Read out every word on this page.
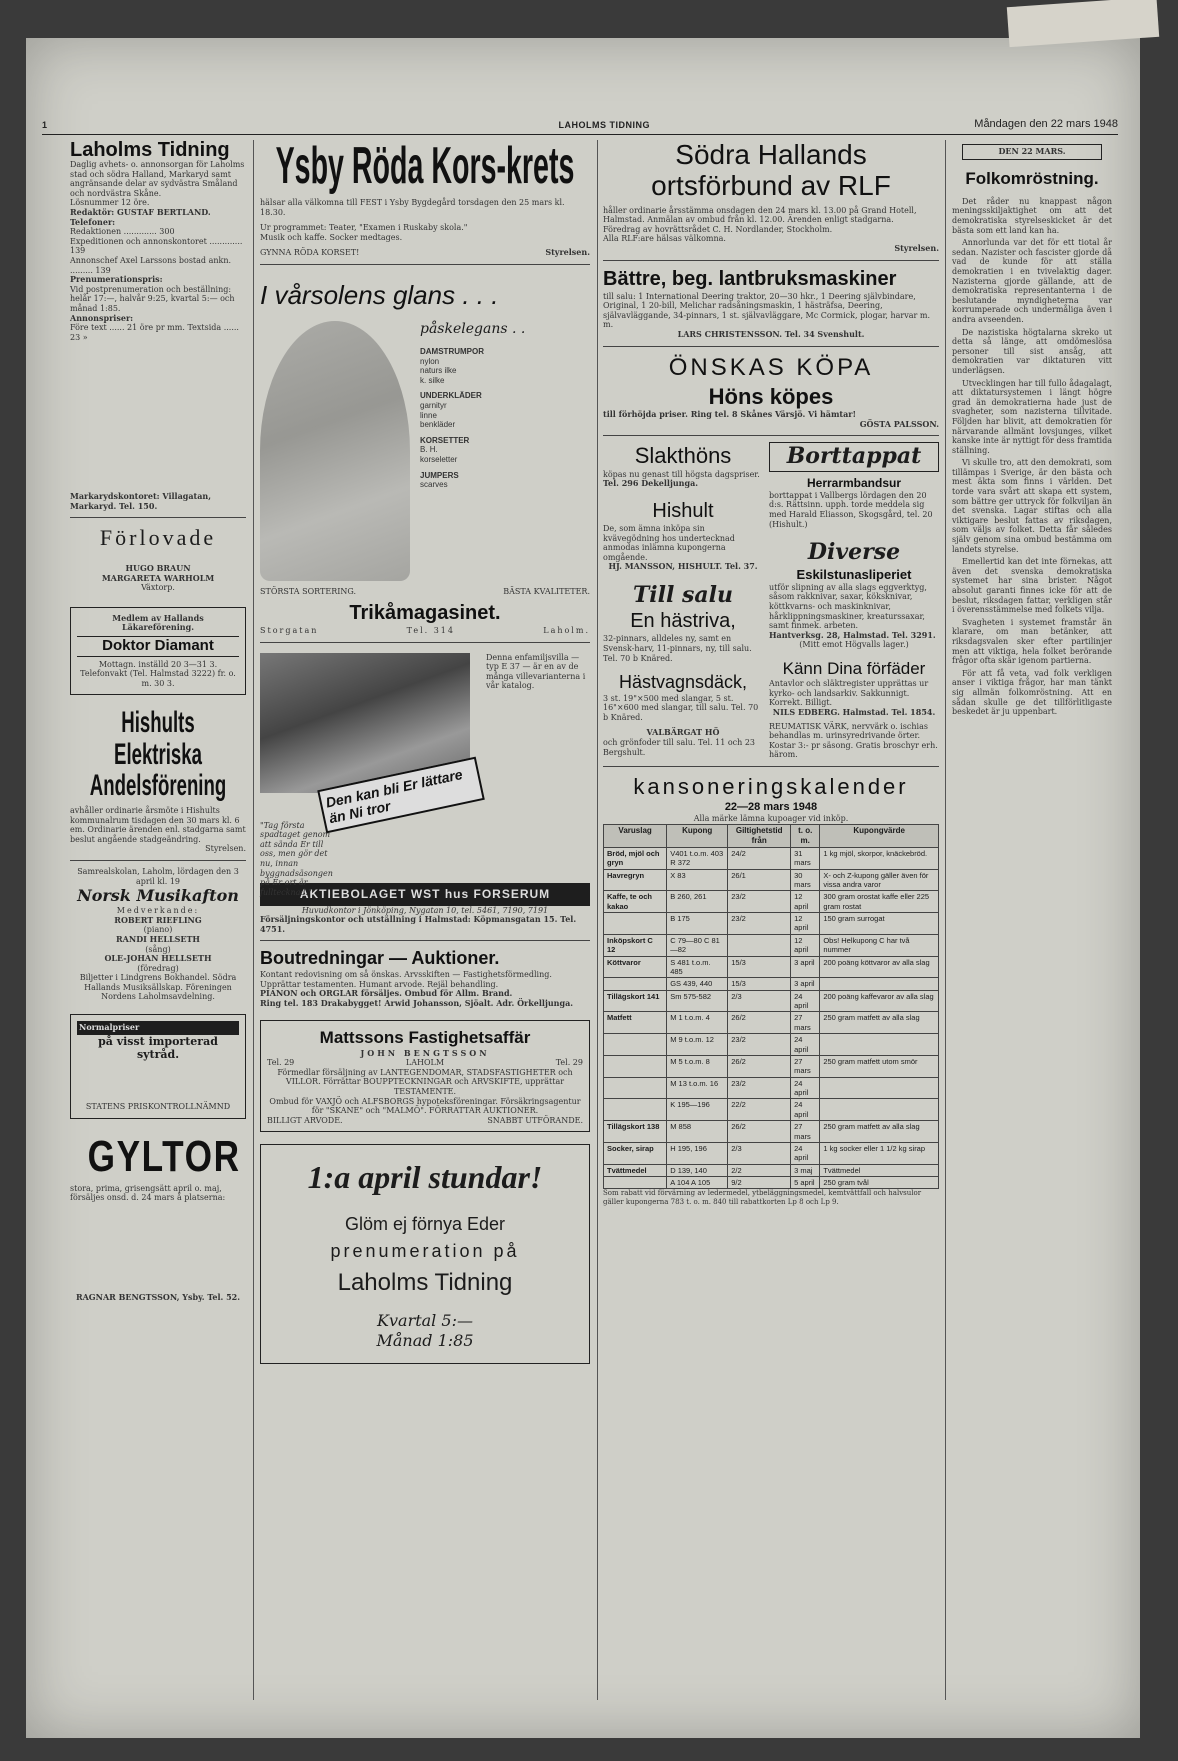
1	LAHOLMS TIDNING	Måndagen den 22 mars 1948
Laholms Tidning
Daglig avhets- o. annonsorgan för Laholms stad och södra Halland, Markaryd samt angränsande delar av sydvästra Småland och nordvästra Skåne.
Lösnummer 12 öre.
Redaktör: GUSTAF BERTLAND.
Telefoner:
Redaktionen ............. 300
Expeditionen och annonskontoret ............. 139
Annonschef Axel Larssons bostad ankn. ......... 139
Prenumerationspris:
Vid postprenumeration och beställning: helår 17:—, halvår 9:25, kvartal 5:— och månad 1:85.
Annonspriser:
Före text ...... 21 öre pr mm. Textsida ...... 23 »
Markarydskontoret: Villagatan, Markaryd. Tel. 150.
Förlovade
HUGO BRAUN
MARGARETA WARHOLM
Växtorp.
Medlem av Hallands Läkareförening.
Doktor Diamant
Mottagn. inställd 20 3—31 3. Telefonvakt (Tel. Halmstad 3222) fr. o. m. 30 3.
Hishults Elektriska Andelsförening
avhåller ordinarie årsmöte i Hishults kommunalrum tisdagen den 30 mars kl. 6 em. Ordinarie ärenden enl. stadgarna samt beslut angående stadgeändring.
Styrelsen.
Samrealskolan, Laholm, lördagen den 3 april kl. 19
Norsk Musikafton
Medverkande:
ROBERT RIEFLING
(piano)
RANDI HELLSETH
(sång)
OLE-JOHAN HELLSETH
(föredrag)
Biljetter i Lindgrens Bokhandel. Södra Hallands Musiksällskap. Föreningen Nordens Laholmsavdelning.
Normalpriser
på visst importerad sytråd.
STATENS PRISKONTROLLNÄMND
GYLTOR
stora, prima, grisengsätt april o. maj, försäljes onsd. d. 24 mars å platserna:
RAGNAR BENGTSSON, Ysby. Tel. 52.
Ysby Röda Kors-krets
hälsar alla välkomna till FEST i Ysby Bygdegård torsdagen den 25 mars kl. 18.30.
Ur programmet: Teater, "Examen i Ruskaby skola."
Musik och kaffe. Socker medtages.
GYNNA RÖDA KORSET!	Styrelsen.
I vårsolens glans . . .
påskelegans . .
DAMSTRUMPOR
nylon
naturs ilke
k. silke
UNDERKLÄDER
garnityr
linne
benkläder
KORSETTER
B. H.
korseletter
JUMPERS
scarves
STÖRSTA SORTERING.	BÄSTA KVALITETER.
Trikåmagasinet.
Storgatan	Tel. 314	Laholm.
Den kan bli Er lättare än Ni tror
"Tag första spadtaget genom att sända Er till oss, men gör det nu, innan byggnadsäsongen på Er ort är fulltecknad."
Denna enfamiljsvilla — typ E 37 — är en av de många villevarianterna i vår katalog.
AKTIEBOLAGET WST hus FORSERUM
Huvudkontor i Jönköping, Nygatan 10, tel. 5461, 7190, 7191
Försäljningskontor och utställning i Halmstad: Köpmansgatan 15. Tel. 4751.
Boutredningar — Auktioner.
Kontant redovisning om så önskas. Arvsskiften — Fastighetsförmedling. Upprättar testamenten. Humant arvode. Rejäl behandling.
PIANON och ORGLAR försäljes. Ombud för Allm. Brand.
Ring tel. 183 Drakabygget! Arwid Johansson, Sjöalt. Adr. Örkelljunga.
Mattssons Fastighetsaffär
JOHN BENGTSSON
Tel. 29	LAHOLM	Tel. 29
Förmedlar försäljning av LANTEGENDOMAR, STADSFASTIGHETER och VILLOR. Förrättar BOUPPTECKNINGAR och ARVSKIFTE, upprättar TESTAMENTE.
Ombud för VAXJÖ och ALFSBORGS hypoteksföreningar. Försäkringsagentur för "SKANE" och "MALMÖ". FÖRRATTAR AUKTIONER.
BILLIGT ARVODE.	SNABBT UTFÖRANDE.
1:a april stundar!
Glöm ej förnya Eder
prenumeration på
Laholms Tidning
Kvartal 5:—
Månad 1:85
Södra Hallands ortsförbund av RLF
håller ordinarie årsstämma onsdagen den 24 mars kl. 13.00 på Grand Hotell, Halmstad. Anmälan av ombud från kl. 12.00. Ärenden enligt stadgarna.
Föredrag av hovrättsrådet C. H. Nordlander, Stockholm.
Alla RLF:are hälsas välkomna.
Styrelsen.
Bättre, beg. lantbruksmaskiner
till salu: 1 International Deering traktor, 20—30 hkr., 1 Deering självbindare, Original, 1 20-bill, Melichar radsåningsmaskin, 1 hästräfsa, Deering, självavläggande, 34-pinnars, 1 st. självavläggare, Mc Cormick, plogar, harvar m. m.
LARS CHRISTENSSON. Tel. 34 Svenshult.
ÖNSKAS KÖPA
Höns köpes
till förhöjda priser. Ring tel. 8 Skånes Värsjö. Vi hämtar!
GÖSTA PALSSON.
Slakthöns
köpas nu genast till högsta dagspriser.
Tel. 296 Dekelljunga.
Hishult
De, som ämna inköpa sin kvävegödning hos undertecknad anmodas inlämna kupongerna omgående.
HJ. MANSSON, HISHULT. Tel. 37.
Till salu
En hästriva,
32-pinnars, alldeles ny, samt en Svensk-harv, 11-pinnars, ny, till salu. Tel. 70 b Knäred.
Hästvagnsdäck,
3 st. 19"×500 med slangar, 5 st. 16"×600 med slangar, till salu. Tel. 70 b Knäred.
VALBÄRGAT HÖ
och grönfoder till salu. Tel. 11 och 23 Bergshult.
Borttappat
Herrarmbandsur
borttappat i Vallbergs lördagen den 20 d:s. Rättsinn. upph. torde meddela sig med Harald Eliasson, Skogsgård, tel. 20 (Hishult.)
Diverse
Eskilstunasliperiet
utför slipning av alla slags eggverktyg, såsom rakknivar, saxar, köksknivar, köttkvarns- och maskinknivar, hårklippningsmaskiner, kreaturssaxar, samt finmek. arbeten.
Hantverksg. 28, Halmstad. Tel. 3291.
(Mitt emot Högvalls lager.)
Känn Dina förfäder
Antavlor och släktregister upprättas ur kyrko- och landsarkiv. Sakkunnigt. Korrekt. Billigt.
NILS EDBERG. Halmstad. Tel. 1854.
REUMATISK VÄRK, nervvärk o. ischias behandlas m. urinsyredrivande örter. Kostar 3:- pr säsong. Gratis broschyr erh. härom.
kansoneringskalender
22—28 mars 1948
Alla märke lämna kupoager vid inköp.
Varuslag	Kupong	Giltighetstid från	t. o. m.	Kupongvärde
Bröd, mjöl och gryn	V401 t.o.m. 403 R 372	24/2	31 mars	1 kg mjöl, skorpor, knäckebröd.
Havregryn	X 83	26/1	30 mars	X- och Z-kupong gäller även för vissa andra varor
Kaffe, te och kakao	B 260, 261	23/2	12 april	300 gram orostat kaffe eller 225 gram rostat
	B 175	23/2	12 april	150 gram surrogat
Inköpskort C 12	C 79—80 C 81—82		12 april	Obs! Helkupong C har två nummer
Köttvaror	S 481 t.o.m. 485	15/3	3 april	200 poäng köttvaror av alla slag
	GS 439, 440	15/3	3 april	
Tillägskort 141	Sm 575-582	2/3	24 april	200 poäng kaffevaror av alla slag
Matfett	M 1 t.o.m. 4	26/2	27 mars	250 gram matfett av alla slag
	M 9 t.o.m. 12	23/2	24 april	
	M 5 t.o.m. 8	26/2	27 mars	250 gram matfett utom smör
	M 13 t.o.m. 16	23/2	24 april	
	K 195—196	22/2	24 april	
Tillägskort 138	M 858	26/2	27 mars	250 gram matfett av alla slag
Socker, sirap	H 195, 196	2/3	24 april	1 kg socker eller 1 1/2 kg sirap
Tvättmedel	D 139, 140	2/2	3 maj	Tvättmedel
	A 104 A 105	9/2	5 april	250 gram tvål
Som rabatt vid förvärning av ledermedel, ytbeläggningsmedel, kemtvättfall och halvsulor gäller kupongerna 783 t. o. m. 840 till rabattkorten Lp 8 och Lp 9.
DEN 22 MARS.
Folkomröstning.
Det råder nu knappast någon meningsskiljaktighet om att det demokratiska styrelseskicket är det bästa som ett land kan ha.
Annorlunda var det för ett tiotal år sedan. Nazister och fascister gjorde då vad de kunde för att ställa demokratien i en tvivelaktig dager. Nazisterna gjorde gällande, att de demokratiska representanterna i de beslutande myndigheterna var korrumperade och undermåliga även i andra avseenden.
De nazistiska högtalarna skreko ut detta så länge, att omdömeslösa personer till sist ansåg, att demokratien var diktaturen vitt underlägsen.
Utvecklingen har till fullo ådagalagt, att diktatursystemen i längt högre grad än demokratierna hade just de svagheter, som nazisterna tillvitade. Följden har blivit, att demokratien för närvarande allmänt lovsjunges, vilket kanske inte är nyttigt för dess framtida ställning.
Vi skulle tro, att den demokrati, som tillämpas i Sverige, är den bästa och mest äkta som finns i världen. Det torde vara svårt att skapa ett system, som bättre ger uttryck för folkviljan än det svenska. Lagar stiftas och alla viktigare beslut fattas av riksdagen, som väljs av folket. Detta får således själv genom sina ombud bestämma om landets styrelse.
Emellertid kan det inte förnekas, att även det svenska demokratiska systemet har sina brister. Något absolut garanti finnes icke för att de beslut, riksdagen fattar, verkligen står i överensstämmelse med folkets vilja.
Svagheten i systemet framstår än klarare, om man betänker, att riksdagsvalen sker efter partilinjer men att viktiga, hela folket berörande frågor ofta skär igenom partierna.
För att få veta, vad folk verkligen anser i viktiga frågor, har man tänkt sig allmän folkomröstning. Att en sådan skulle ge det tillförlitligaste beskedet är ju uppenbart.
